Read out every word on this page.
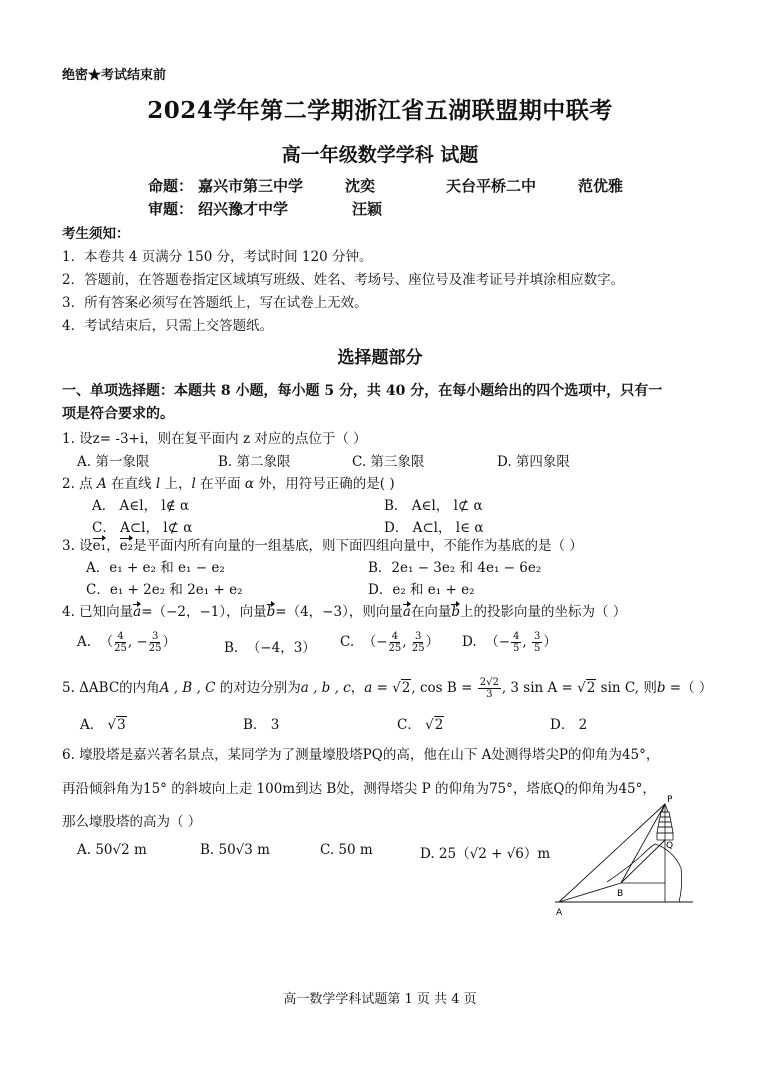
绝密★考试结束前
2024学年第二学期浙江省五湖联盟期中联考
高一年级数学学科 试题
命题： 嘉兴市第三中学	沈奕	天台平桥二中	范优雅
审题： 绍兴豫才中学	汪颖
考生须知：
1．本卷共 4 页满分 150 分，考试时间 120 分钟。
2．答题前，在答题卷指定区域填写班级、姓名、考场号、座位号及准考证号并填涂相应数字。
3．所有答案必须写在答题纸上，写在试卷上无效。
4．考试结束后，只需上交答题纸。
选择题部分
一、单项选择题：本题共 8 小题，每小题 5 分，共 40 分，在每小题给出的四个选项中，只有一
项是符合要求的。
1. 设z= -3+i，则在复平面内 z 对应的点位于（ ）
A. 第一象限	B. 第二象限	C. 第三象限	D. 第四象限
2. 点 A 在直线 l 上，l 在平面 α 外，用符号正确的是( )
A． A∈l， l∉ α	B． A∈l， l⊄ α
C． A⊂l， l⊄ α	D． A⊂l， l∈ α
3. 设e₁，e₂是平面内所有向量的一组基底，则下面四组向量中，不能作为基底的是（ ）
A．e₁ + e₂ 和 e₁ − e₂	B．2e₁ − 3e₂ 和 4e₁ − 6e₂
C．e₁ + 2e₂ 和 2e₁ + e₂	D．e₂ 和 e₁ + e₂
4. 已知向量a=（−2，−1），向量b=（4，−3），则向量a在向量b上的投影向量的坐标为（ ）
A.  （ $\frac{4}{25}$ , − $\frac{3}{25}$ ）	B. （−4，3） C.  （− $\frac{4}{25}$ , $\frac{3}{25}$ ） D.  （− $\frac{4}{5}$ , $\frac{3}{5}$ ）
5. ΔABC的内角A , B , C 的对边分别为a , b , c，a = √2, $\cos B = \frac{2√2}{3}$ , 3 sin A = √2 sin C, 则b =（ ）
A． √3	B． 3	C． √2	D． 2
6. 壕股塔是嘉兴著名景点，某同学为了测量壕股塔PQ的高，他在山下 A处测得塔尖P的仰角为45°，
再沿倾斜角为15° 的斜坡向上走 100m到达 B处，测得塔尖 P 的仰角为75°，塔底Q的仰角为45°，
那么壕股塔的高为（ ）
A. 50√2 m	B. 50√3 m	C. 50 m	D. 25（√2 + √6）m
P
Q
B
A
高一数学学科试题第 1 页 共 4 页
